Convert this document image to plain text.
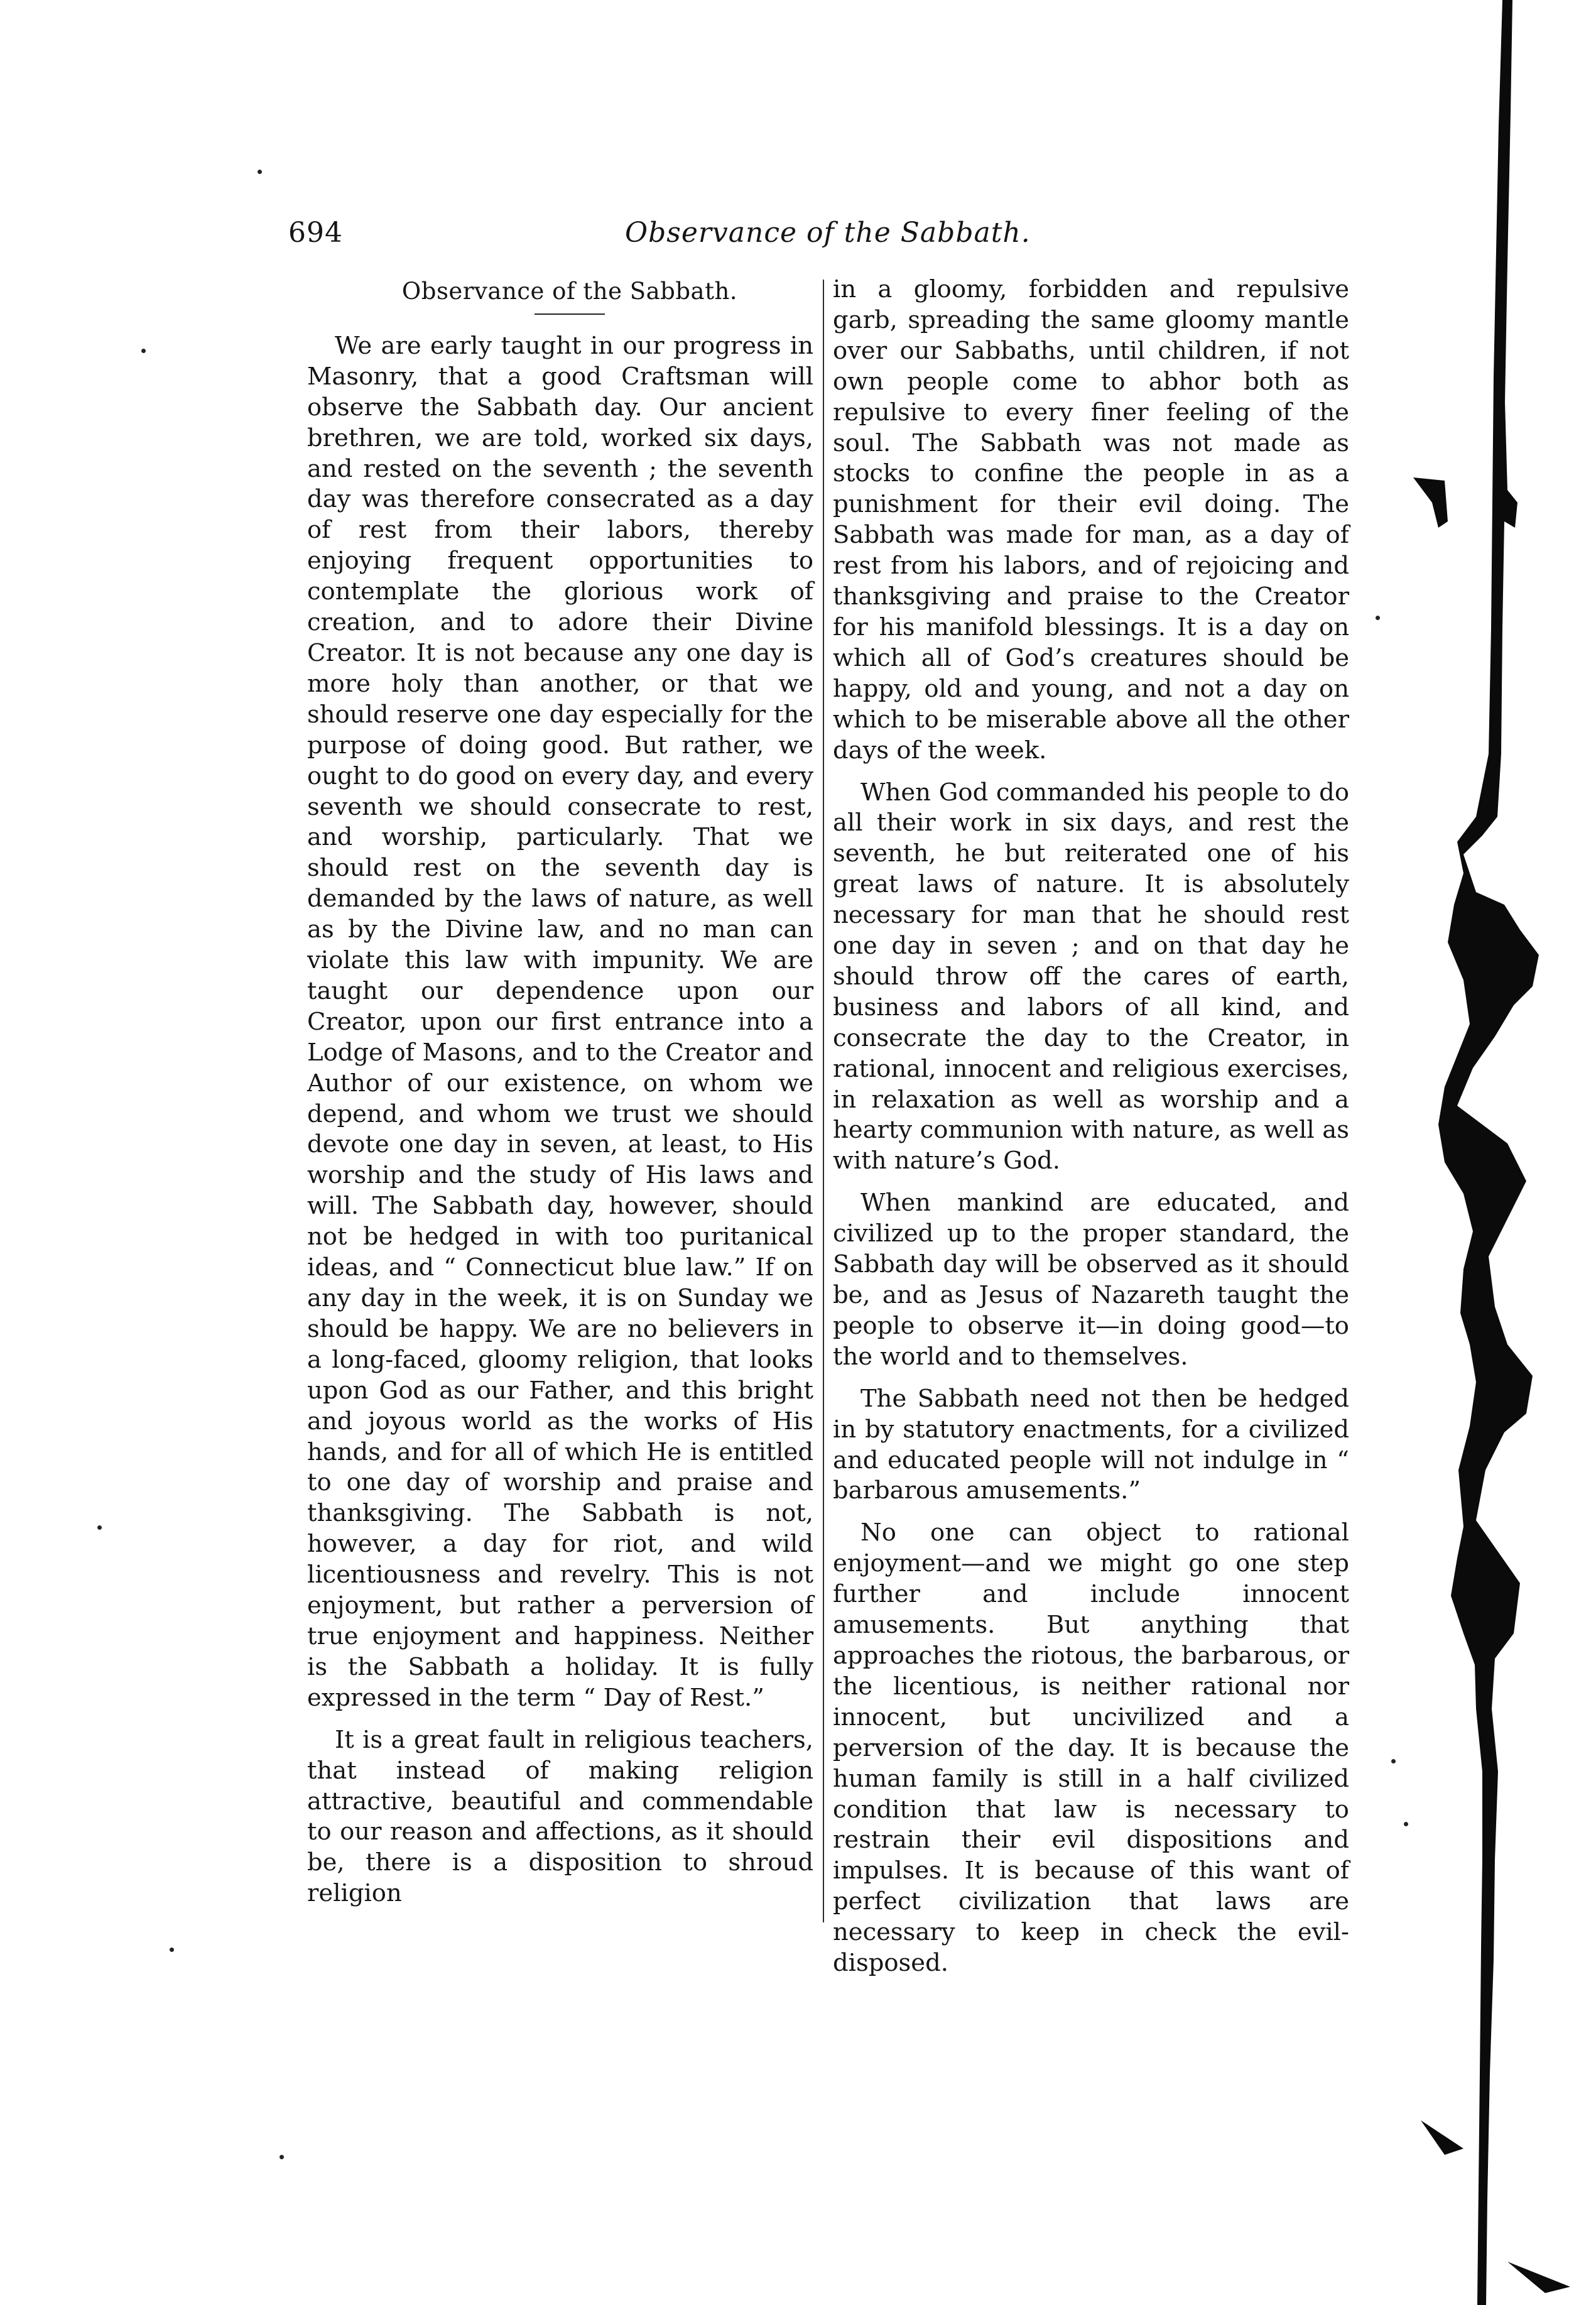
694	Observance of the Sabbath.
Observance of the Sabbath.

We are early taught in our progress in Masonry, that a good Craftsman will observe the Sabbath day. Our ancient brethren, we are told, worked six days, and rested on the seventh ; the seventh day was therefore consecrated as a day of rest from their labors, thereby enjoying frequent opportunities to contemplate the glorious work of creation, and to adore their Divine Creator. It is not because any one day is more holy than another, or that we should reserve one day especially for the purpose of doing good. But rather, we ought to do good on every day, and every seventh we should consecrate to rest, and worship, particularly. That we should rest on the seventh day is demanded by the laws of nature, as well as by the Divine law, and no man can violate this law with impunity. We are taught our dependence upon our Creator, upon our first entrance into a Lodge of Masons, and to the Creator and Author of our existence, on whom we depend, and whom we trust we should devote one day in seven, at least, to His worship and the study of His laws and will. The Sabbath day, however, should not be hedged in with too puritanical ideas, and “ Connecticut blue law.” If on any day in the week, it is on Sunday we should be happy. We are no believers in a long-faced, gloomy religion, that looks upon God as our Father, and this bright and joyous world as the works of His hands, and for all of which He is entitled to one day of worship and praise and thanksgiving. The Sabbath is not, however, a day for riot, and wild licentiousness and revelry. This is not enjoyment, but rather a perversion of true enjoyment and happiness. Neither is the Sabbath a holiday. It is fully expressed in the term “ Day of Rest.”

It is a great fault in religious teachers, that instead of making religion attractive, beautiful and commendable to our reason and affections, as it should be, there is a disposition to shroud religion

in a gloomy, forbidden and repulsive garb, spreading the same gloomy mantle over our Sabbaths, until children, if not own people come to abhor both as repulsive to every finer feeling of the soul. The Sabbath was not made as stocks to confine the people in as a punishment for their evil doing. The Sabbath was made for man, as a day of rest from his labors, and of rejoicing and thanksgiving and praise to the Creator for his manifold blessings. It is a day on which all of God’s creatures should be happy, old and young, and not a day on which to be miserable above all the other days of the week.

When God commanded his people to do all their work in six days, and rest the seventh, he but reiterated one of his great laws of nature. It is absolutely necessary for man that he should rest one day in seven ; and on that day he should throw off the cares of earth, business and labors of all kind, and consecrate the day to the Creator, in rational, innocent and religious exercises, in relaxation as well as worship and a hearty communion with nature, as well as with nature’s God.

When mankind are educated, and civilized up to the proper standard, the Sabbath day will be observed as it should be, and as Jesus of Nazareth taught the people to observe it—in doing good—to the world and to themselves.

The Sabbath need not then be hedged in by statutory enactments, for a civilized and educated people will not indulge in “ barbarous amusements.”

No one can object to rational enjoyment—and we might go one step further and include innocent amusements. But anything that approaches the riotous, the barbarous, or the licentious, is neither rational nor innocent, but uncivilized and a perversion of the day. It is because the human family is still in a half civilized condition that law is necessary to restrain their evil dispositions and impulses. It is because of this want of perfect civilization that laws are necessary to keep in check the evil-disposed.
